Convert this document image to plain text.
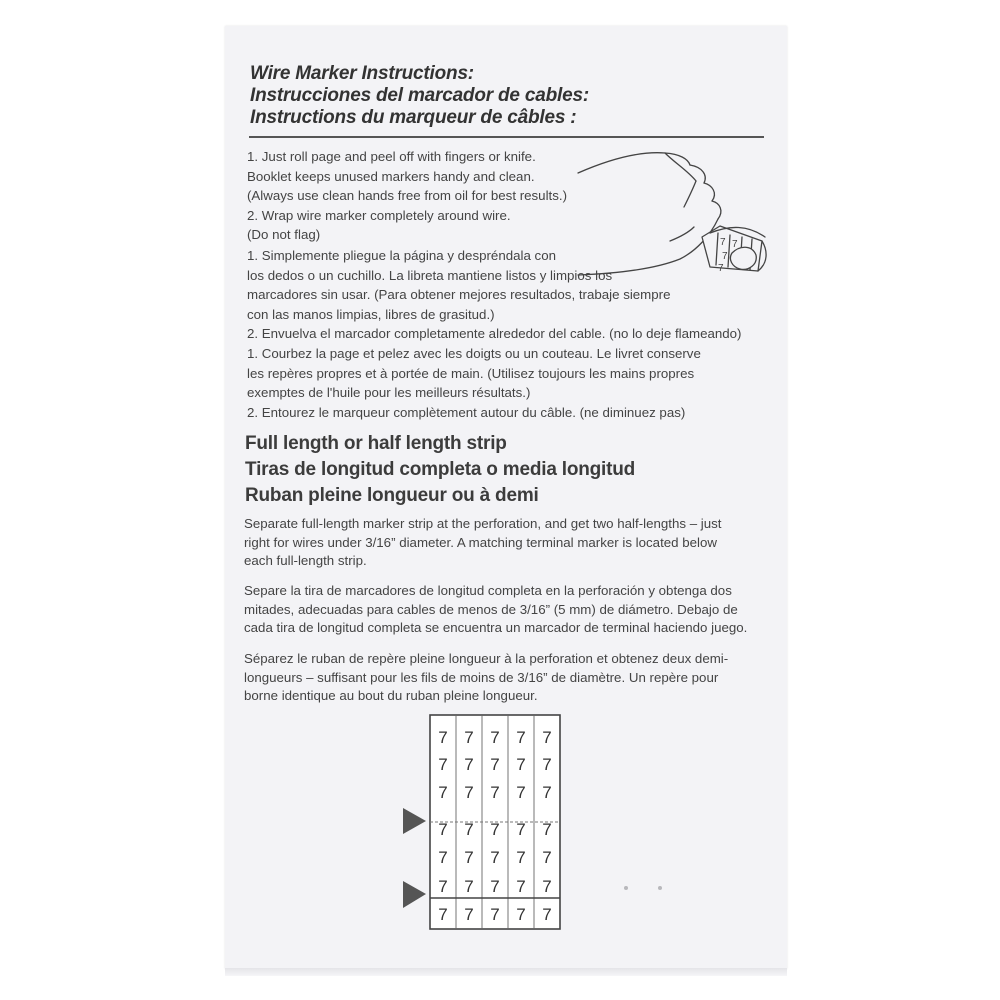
Wire Marker Instructions:
Instrucciones del marcador de cables:
Instructions du marqueur de câbles :

1. Just roll page and peel off with fingers or knife.

Booklet keeps unused markers handy and clean.

(Always use clean hands free from oil for best results.)

2. Wrap wire marker completely around wire.

(Do not flag)

1. Simplemente pliegue la página y despréndala con

los dedos o un cuchillo. La libreta mantiene listos y limpios los

marcadores sin usar. (Para obtener mejores resultados, trabaje siempre

con las manos limpias, libres de grasitud.)

2. Envuelva el marcador completamente alrededor del cable. (no lo deje flameando)

1. Courbez la page et pelez avec les doigts ou un couteau. Le livret conserve

les repères propres et à portée de main. (Utilisez toujours les mains propres

exemptes de l'huile pour les meilleurs résultats.)

2. Entourez le marqueur complètement autour du câble. (ne diminuez pas)

7 7
7
7
Full length or half length strip
Tiras de longitud completa o media longitud
Ruban pleine longueur ou à demi

Separate full-length marker strip at the perforation, and get two half-lengths – just

right for wires under 3/16” diameter. A matching terminal marker is located below

each full-length strip.

Separe la tira de marcadores de longitud completa en la perforación y obtenga dos

mitades, adecuadas para cables de menos de 3/16” (5 mm) de diámetro. Debajo de

cada tira de longitud completa se encuentra un marcador de terminal haciendo juego.

Séparez le ruban de repère pleine longueur à la perforation et obtenez deux demi-

longueurs – suffisant pour les fils de moins de 3/16” de diamètre. Un repère pour

borne identique au bout du ruban pleine longueur.

7 7 7 7 7
7 7 7 7 7
7 7 7 7 7
7 7 7 7 7
7 7 7 7 7
7 7 7 7 7
7 7 7 7 7
